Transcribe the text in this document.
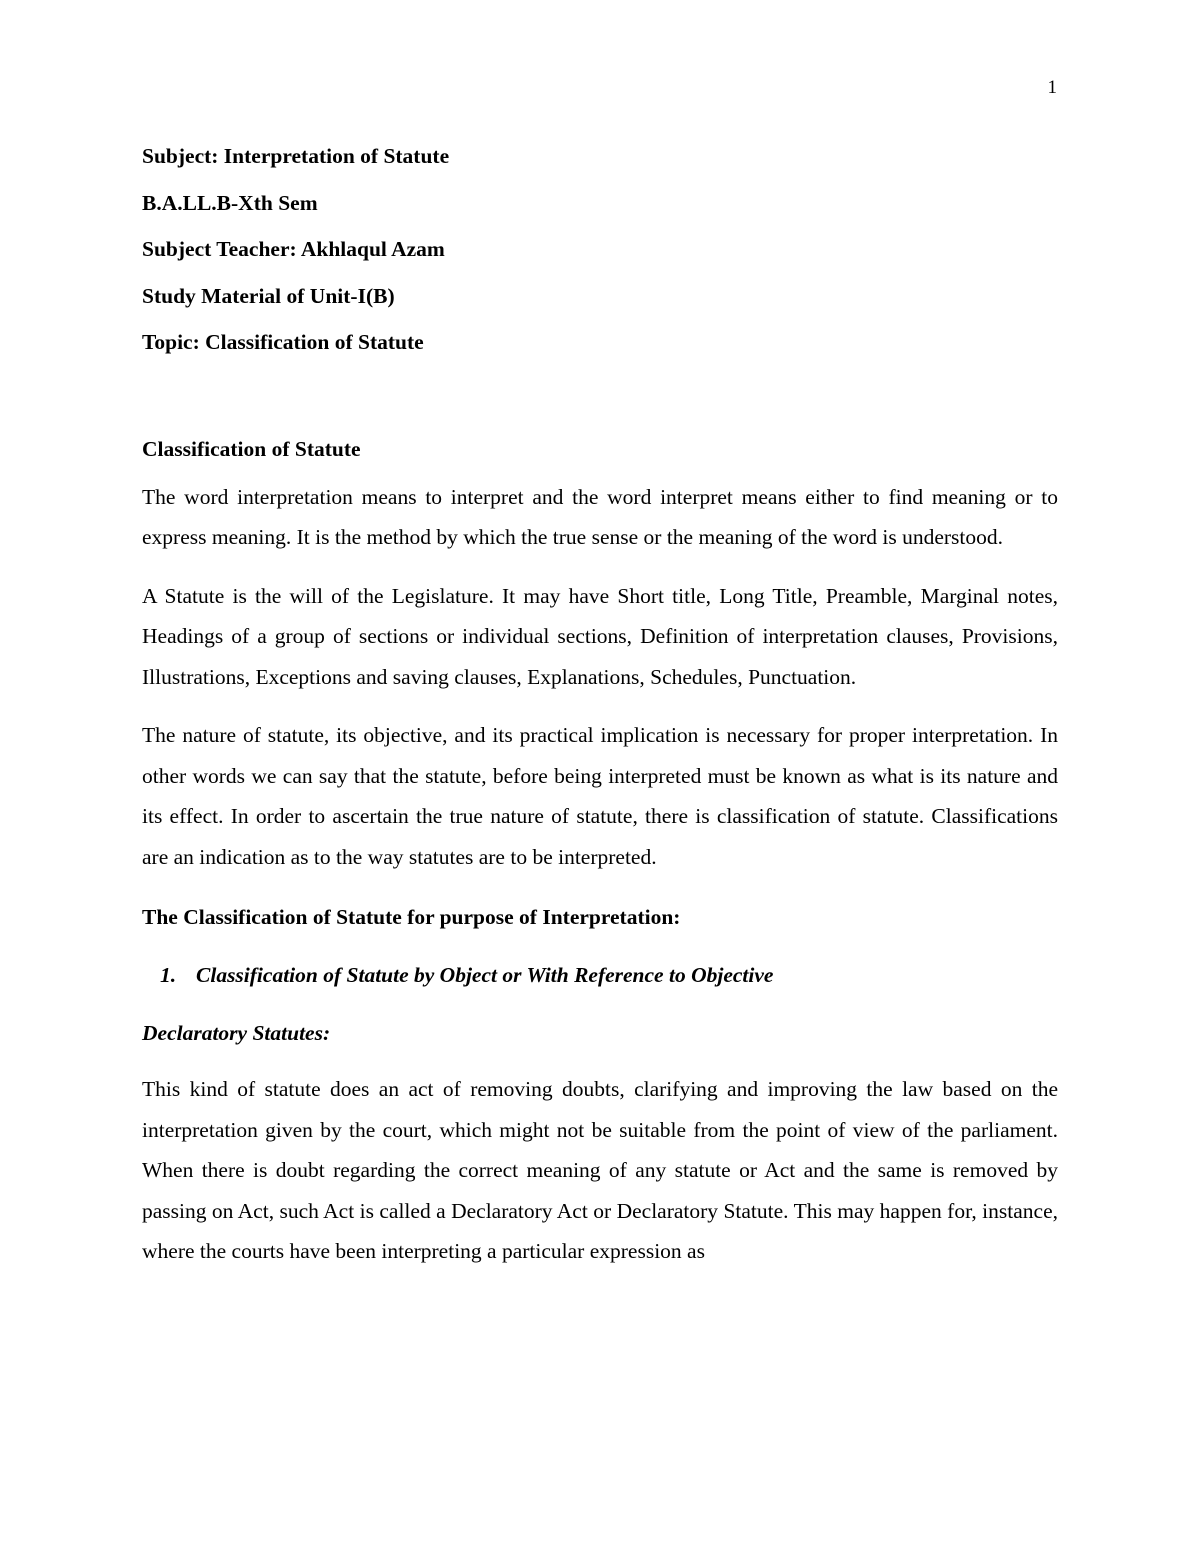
1

Subject: Interpretation of Statute

B.A.LL.B-Xth Sem

Subject Teacher: Akhlaqul Azam

Study Material of Unit-I(B)

Topic: Classification of Statute

Classification of Statute

The word interpretation means to interpret and the word interpret means either to find meaning or to express meaning. It is the method by which the true sense or the meaning of the word is understood.

A Statute is the will of the Legislature. It may have Short title, Long Title, Preamble, Marginal notes, Headings of a group of sections or individual sections, Definition of interpretation clauses, Provisions, Illustrations, Exceptions and saving clauses, Explanations, Schedules, Punctuation.

The nature of statute, its objective, and its practical implication is necessary for proper interpretation. In other words we can say that the statute, before being interpreted must be known as what is its nature and its effect. In order to ascertain the true nature of statute, there is classification of statute. Classifications are an indication as to the way statutes are to be interpreted.

The Classification of Statute for purpose of Interpretation:

1. Classification of Statute by Object or With Reference to Objective

Declaratory Statutes:

This kind of statute does an act of removing doubts, clarifying and improving the law based on the interpretation given by the court, which might not be suitable from the point of view of the parliament. When there is doubt regarding the correct meaning of any statute or Act and the same is removed by passing on Act, such Act is called a Declaratory Act or Declaratory Statute. This may happen for, instance, where the courts have been interpreting a particular expression as
